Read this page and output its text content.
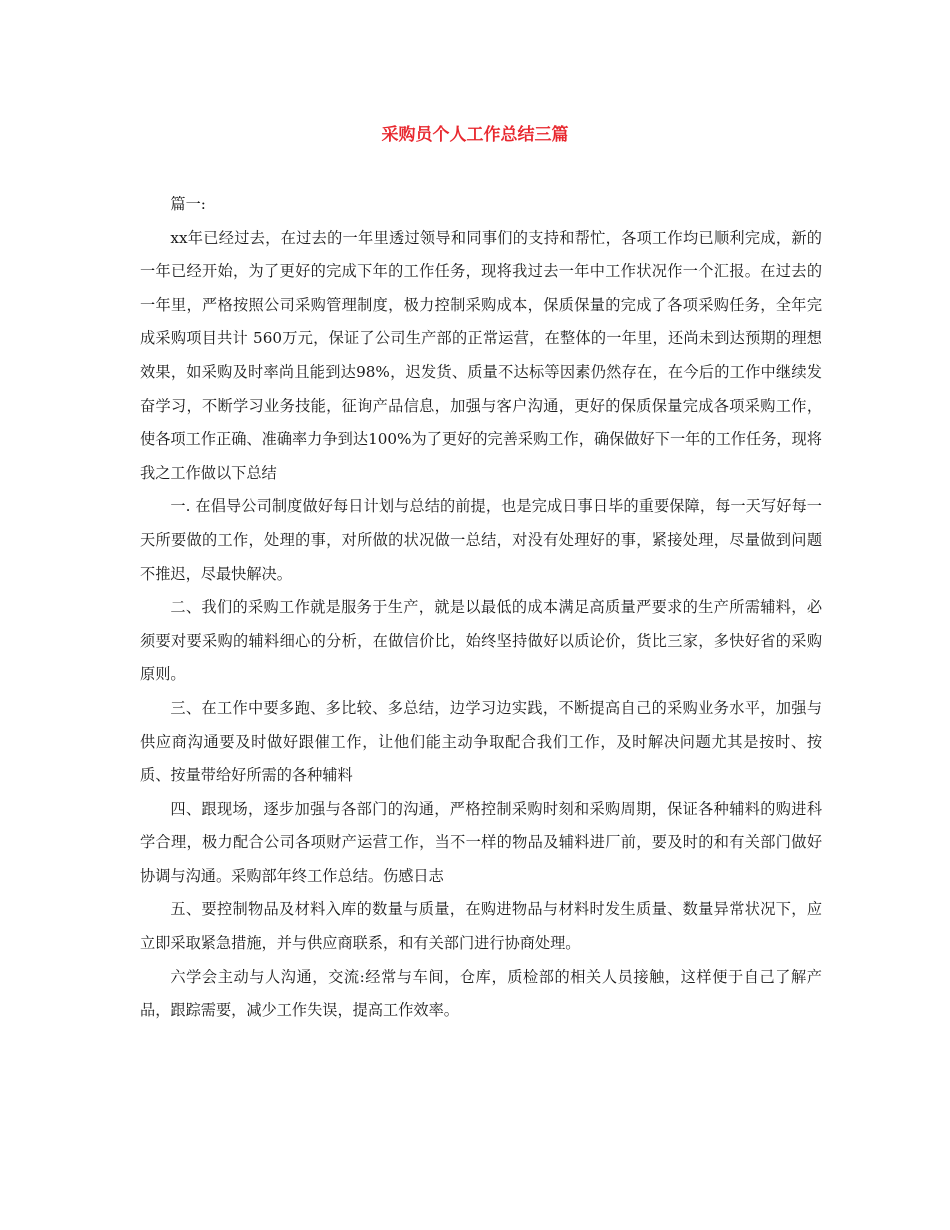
采购员个人工作总结三篇

篇一:

xx年已经过去，在过去的一年里透过领导和同事们的支持和帮忙，各项工作均已顺利完成，新的一年已经开始，为了更好的完成下年的工作任务，现将我过去一年中工作状况作一个汇报。在过去的一年里，严格按照公司采购管理制度，极力控制采购成本，保质保量的完成了各项采购任务，全年完成采购项目共计 560万元，保证了公司生产部的正常运营，在整体的一年里，还尚未到达预期的理想效果，如采购及时率尚且能到达98%，迟发货、质量不达标等因素仍然存在，在今后的工作中继续发奋学习，不断学习业务技能，征询产品信息，加强与客户沟通，更好的保质保量完成各项采购工作，使各项工作正确、准确率力争到达100%为了更好的完善采购工作，确保做好下一年的工作任务，现将我之工作做以下总结

一. 在倡导公司制度做好每日计划与总结的前提，也是完成日事日毕的重要保障，每一天写好每一天所要做的工作，处理的事，对所做的状况做一总结，对没有处理好的事，紧接处理，尽量做到问题不推迟，尽最快解决。

二、我们的采购工作就是服务于生产，就是以最低的成本满足高质量严要求的生产所需辅料，必须要对要采购的辅料细心的分析，在做信价比，始终坚持做好以质论价，货比三家，多快好省的采购原则。

三、在工作中要多跑、多比较、多总结，边学习边实践，不断提高自己的采购业务水平，加强与供应商沟通要及时做好跟催工作，让他们能主动争取配合我们工作，及时解决问题尤其是按时、按质、按量带给好所需的各种辅料

四、跟现场，逐步加强与各部门的沟通，严格控制采购时刻和采购周期，保证各种辅料的购进科学合理，极力配合公司各项财产运营工作，当不一样的物品及辅料进厂前，要及时的和有关部门做好协调与沟通。采购部年终工作总结。伤感日志

五、要控制物品及材料入库的数量与质量，在购进物品与材料时发生质量、数量异常状况下，应立即采取紧急措施，并与供应商联系，和有关部门进行协商处理。

六学会主动与人沟通，交流:经常与车间，仓库，质检部的相关人员接触，这样便于自己了解产品，跟踪需要，减少工作失误，提高工作效率。
